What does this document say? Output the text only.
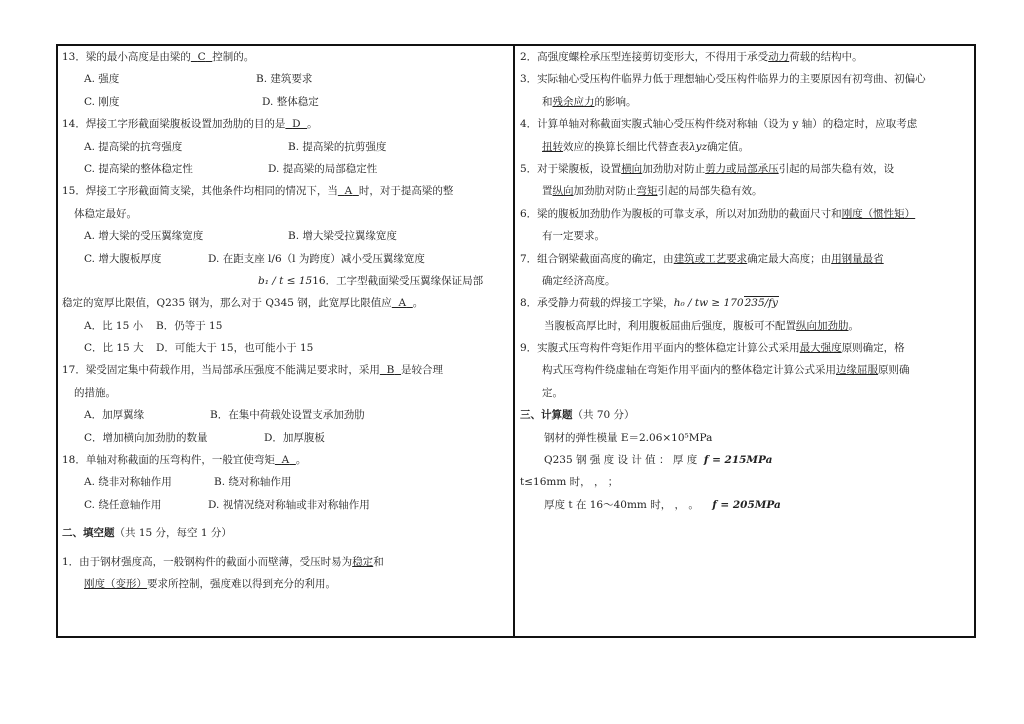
13．梁的最小高度是由梁的 C 控制的。
A. 强度	B. 建筑要求
C. 刚度	D. 整体稳定
14．焊接工字形截面梁腹板设置加劲肋的目的是 D 。
A. 提高梁的抗弯强度	B. 提高梁的抗剪强度
C. 提高梁的整体稳定性	D. 提高梁的局部稳定性
15．焊接工字形截面简支梁，其他条件均相同的情况下，当 A 时，对于提高梁的整
体稳定最好。
A. 增大梁的受压翼缘宽度	B. 增大梁受拉翼缘宽度
C. 增大腹板厚度	D. 在距支座 l/6（l 为跨度）减小受压翼缘宽度
b₁ / t ≤ 1516．工字型截面梁受压翼缘保证局部
稳定的宽厚比限值，Q235 钢为，那么对于 Q345 钢，此宽厚比限值应 A 。
A．比 15 小 B．仍等于 15
C．比 15 大 D．可能大于 15，也可能小于 15
17．梁受固定集中荷载作用，当局部承压强度不能满足要求时，采用 B 是较合理
的措施。
A．加厚翼缘	B．在集中荷载处设置支承加劲肋
C．增加横向加劲肋的数量	D．加厚腹板
18．单轴对称截面的压弯构件，一般宜使弯矩 A 。
A. 绕非对称轴作用	B. 绕对称轴作用
C. 绕任意轴作用	D. 视情况绕对称轴或非对称轴作用
二、填空题（共 15 分，每空 1 分）
1．由于钢材强度高，一般钢构件的截面小而壁薄，受压时易为稳定和
刚度（变形）要求所控制，强度难以得到充分的利用。
2．高强度螺栓承压型连接剪切变形大，不得用于承受动力荷载的结构中。
3．实际轴心受压构件临界力低于理想轴心受压构件临界力的主要原因有初弯曲、初偏心
和残余应力的影响。
4．计算单轴对称截面实腹式轴心受压构件绕对称轴（设为 y 轴）的稳定时，应取考虑
扭转效应的换算长细比代替查表λyz确定值。
5．对于梁腹板，设置横向加劲肋对防止剪力或局部承压引起的局部失稳有效，设
置纵向加劲肋对防止弯矩引起的局部失稳有效。
6．梁的腹板加劲肋作为腹板的可靠支承，所以对加劲肋的截面尺寸和刚度（惯性矩）
有一定要求。
7．组合钢梁截面高度的确定，由建筑或工艺要求确定最大高度；由用钢量最省
确定经济高度。
8．承受静力荷载的焊接工字梁，h₀ / tw ≥ 170235/fy
当腹板高厚比时，利用腹板屈曲后强度，腹板可不配置纵向加劲肋。
9．实腹式压弯构件弯矩作用平面内的整体稳定计算公式采用最大强度原则确定，格
构式压弯构件绕虚轴在弯矩作用平面内的整体稳定计算公式采用边缘屈服原则确
定。
三、计算题（共 70 分）
钢材的弹性模量 E＝2.06×10⁵MPa
Q235 钢 强 度 设 计 值 ： 厚 度 f = 215MPa
t≤16mm 时， ， ；
厚度 t 在 16～40mm 时， ， 。 f = 205MPa
